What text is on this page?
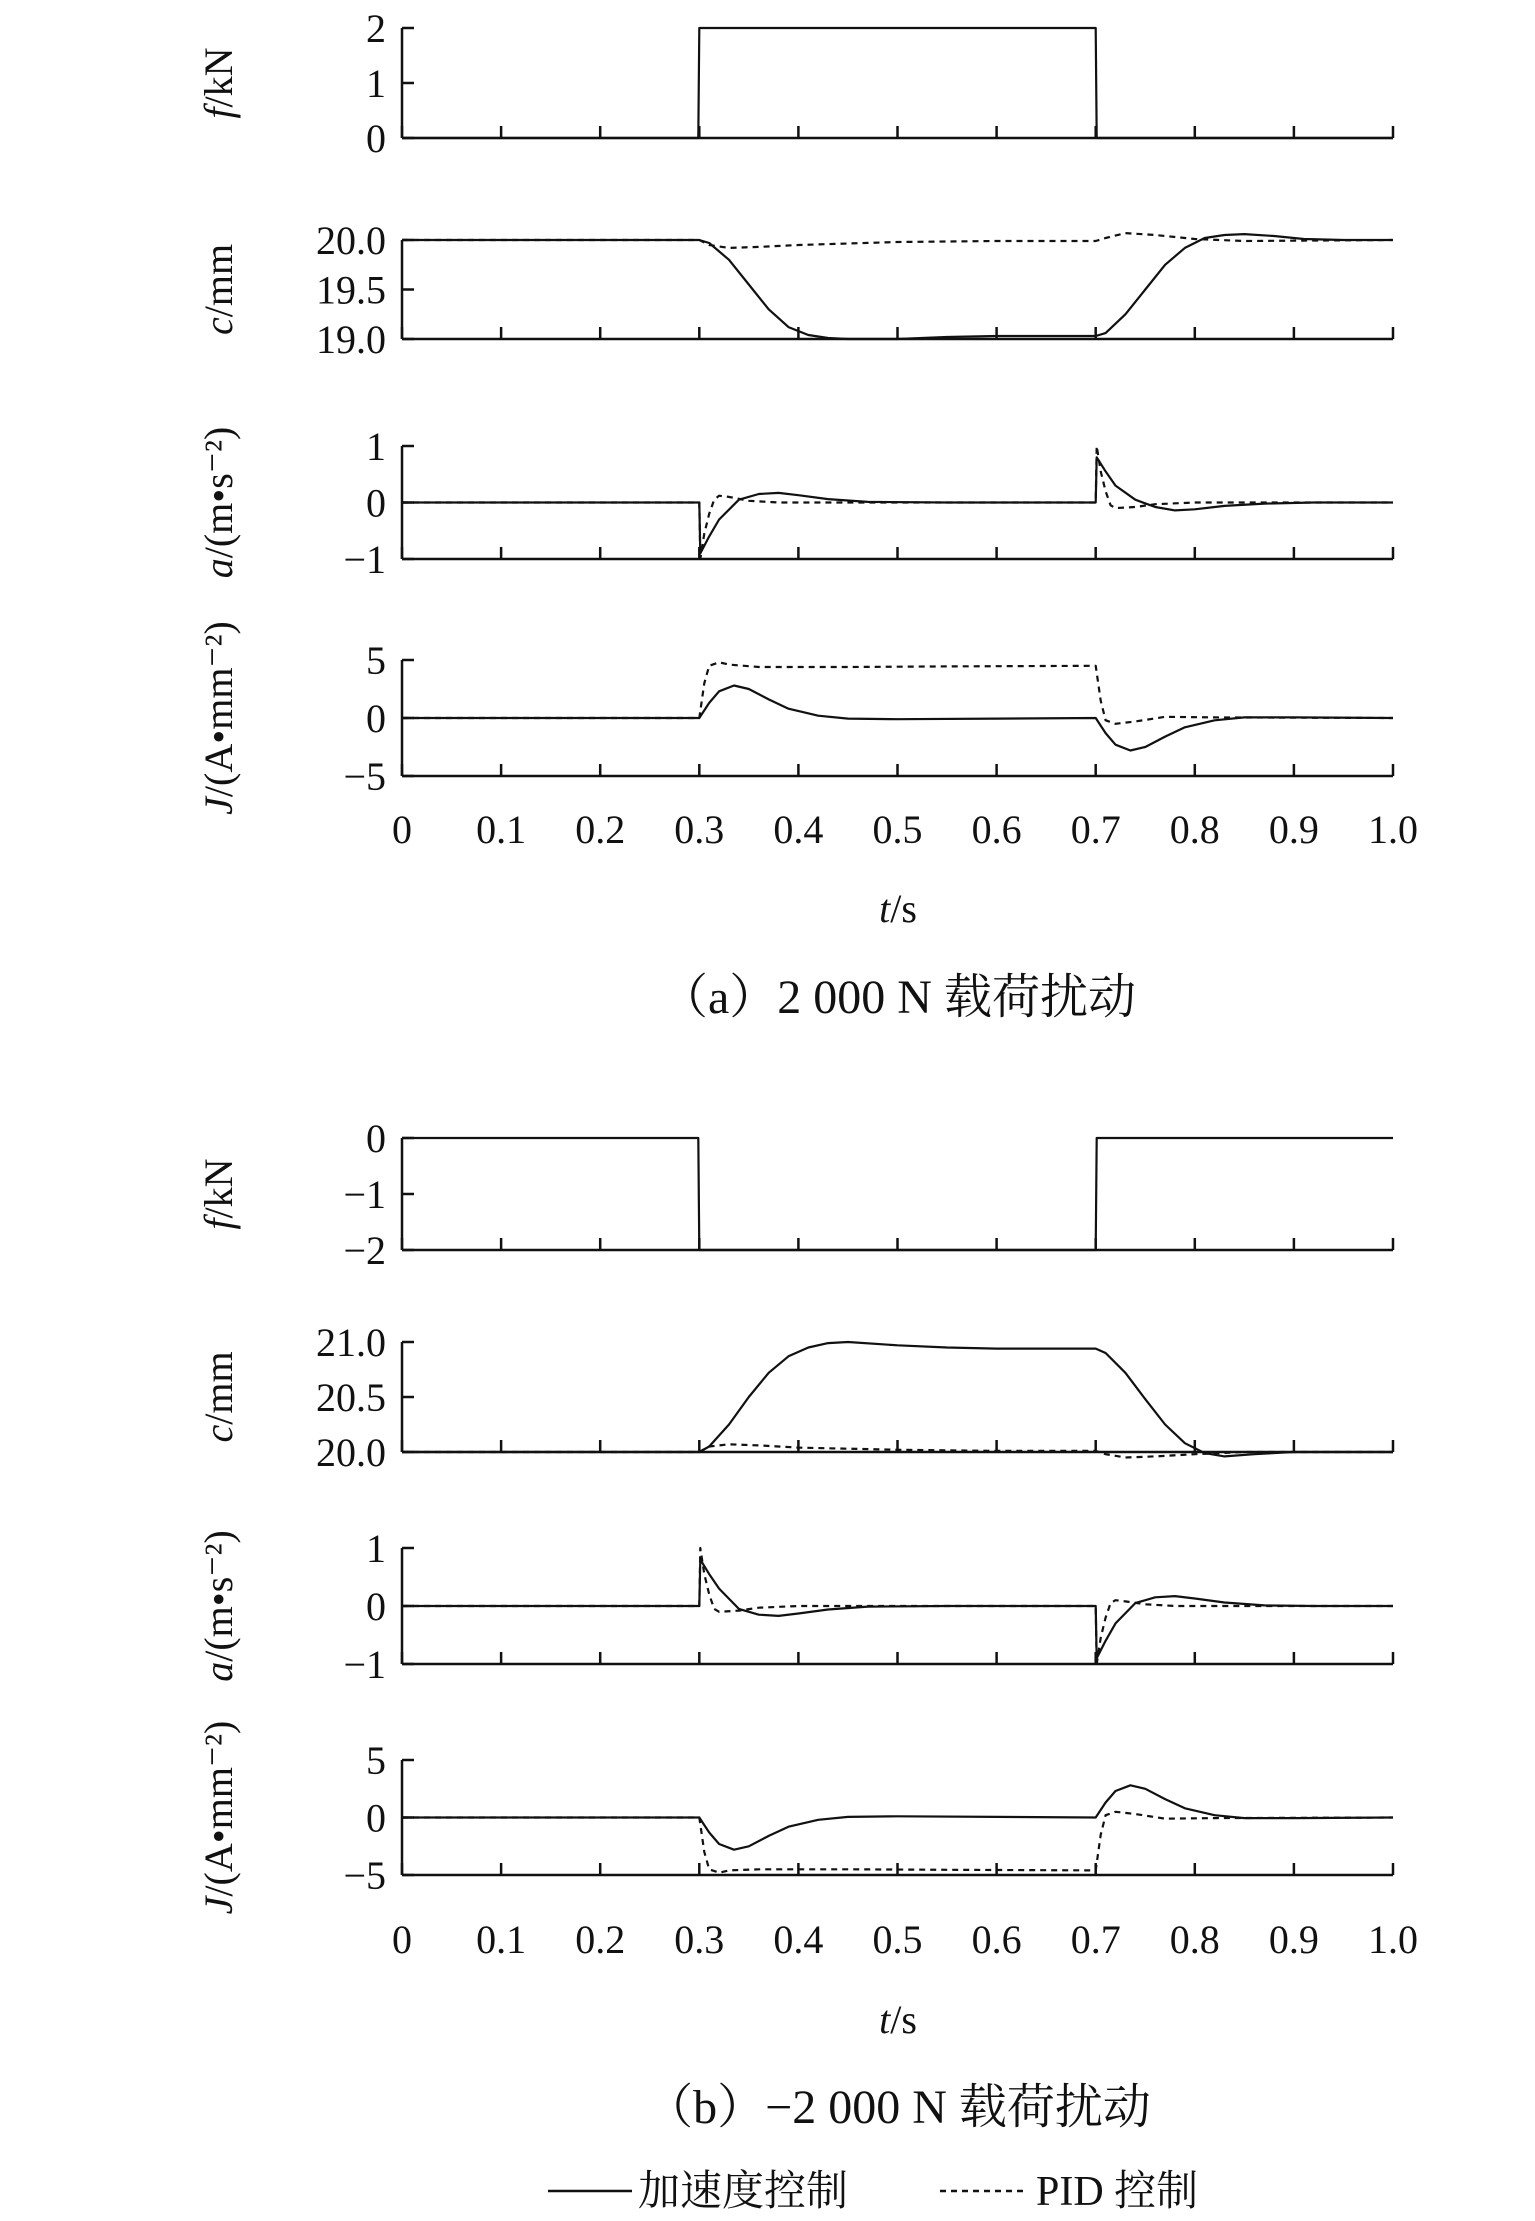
0
1
2
f/kN
19.0
19.5
20.0
c/mm
−1
0
1
a/(m•s⁻²)
−5
0
5
0 0.1 0.2 0.3 0.4 0.5 0.6 0.7 0.8 0.9 1.0
J/(A•mm⁻²)
−2
−1
0
f/kN
20.0
20.5
21.0
c/mm
−1
0
1
a/(m•s⁻²)
−5
0
5
0 0.1 0.2 0.3 0.4 0.5 0.6 0.7 0.8 0.9 1.0
J/(A•mm⁻²)
t/s
（a）2 000 N 载荷扰动
t/s
（b）−2 000 N 载荷扰动
加速度控制	PID 控制
